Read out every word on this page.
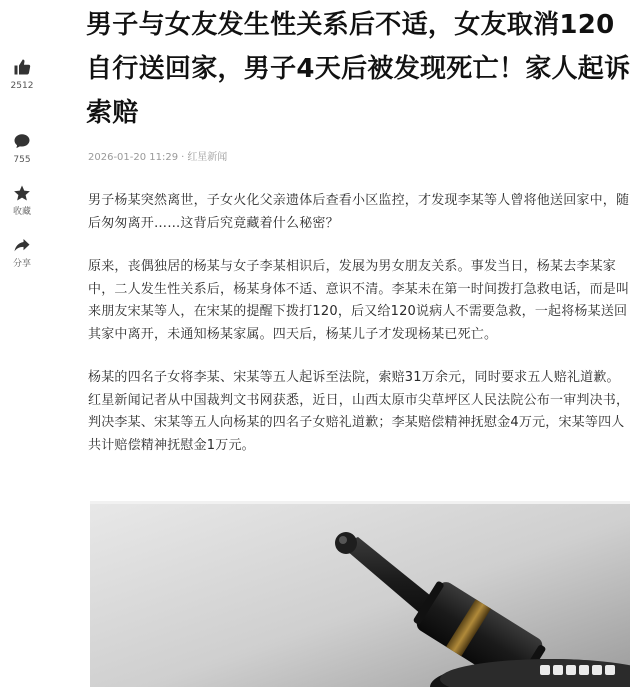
2512
755
收藏
分享
男子与女友发生性关系后不适，女友取消120自行送回家，男子4天后被发现死亡！家人起诉索赔
2026-01-20 11:29 · 红星新闻

男子杨某突然离世，子女火化父亲遗体后查看小区监控，才发现李某等人曾将他送回家中，随后匆匆离开……这背后究竟藏着什么秘密？

原来，丧偶独居的杨某与女子李某相识后，发展为男女朋友关系。事发当日，杨某去李某家中，二人发生性关系后，杨某身体不适、意识不清。李某未在第一时间拨打急救电话，而是叫来朋友宋某等人，在宋某的提醒下拨打120，后又给120说病人不需要急救，一起将杨某送回其家中离开，未通知杨某家属。四天后，杨某儿子才发现杨某已死亡。

杨某的四名子女将李某、宋某等五人起诉至法院，索赔31万余元，同时要求五人赔礼道歉。红星新闻记者从中国裁判文书网获悉，近日，山西太原市尖草坪区人民法院公布一审判决书，判决李某、宋某等五人向杨某的四名子女赔礼道歉；李某赔偿精神抚慰金4万元，宋某等四人共计赔偿精神抚慰金1万元。
